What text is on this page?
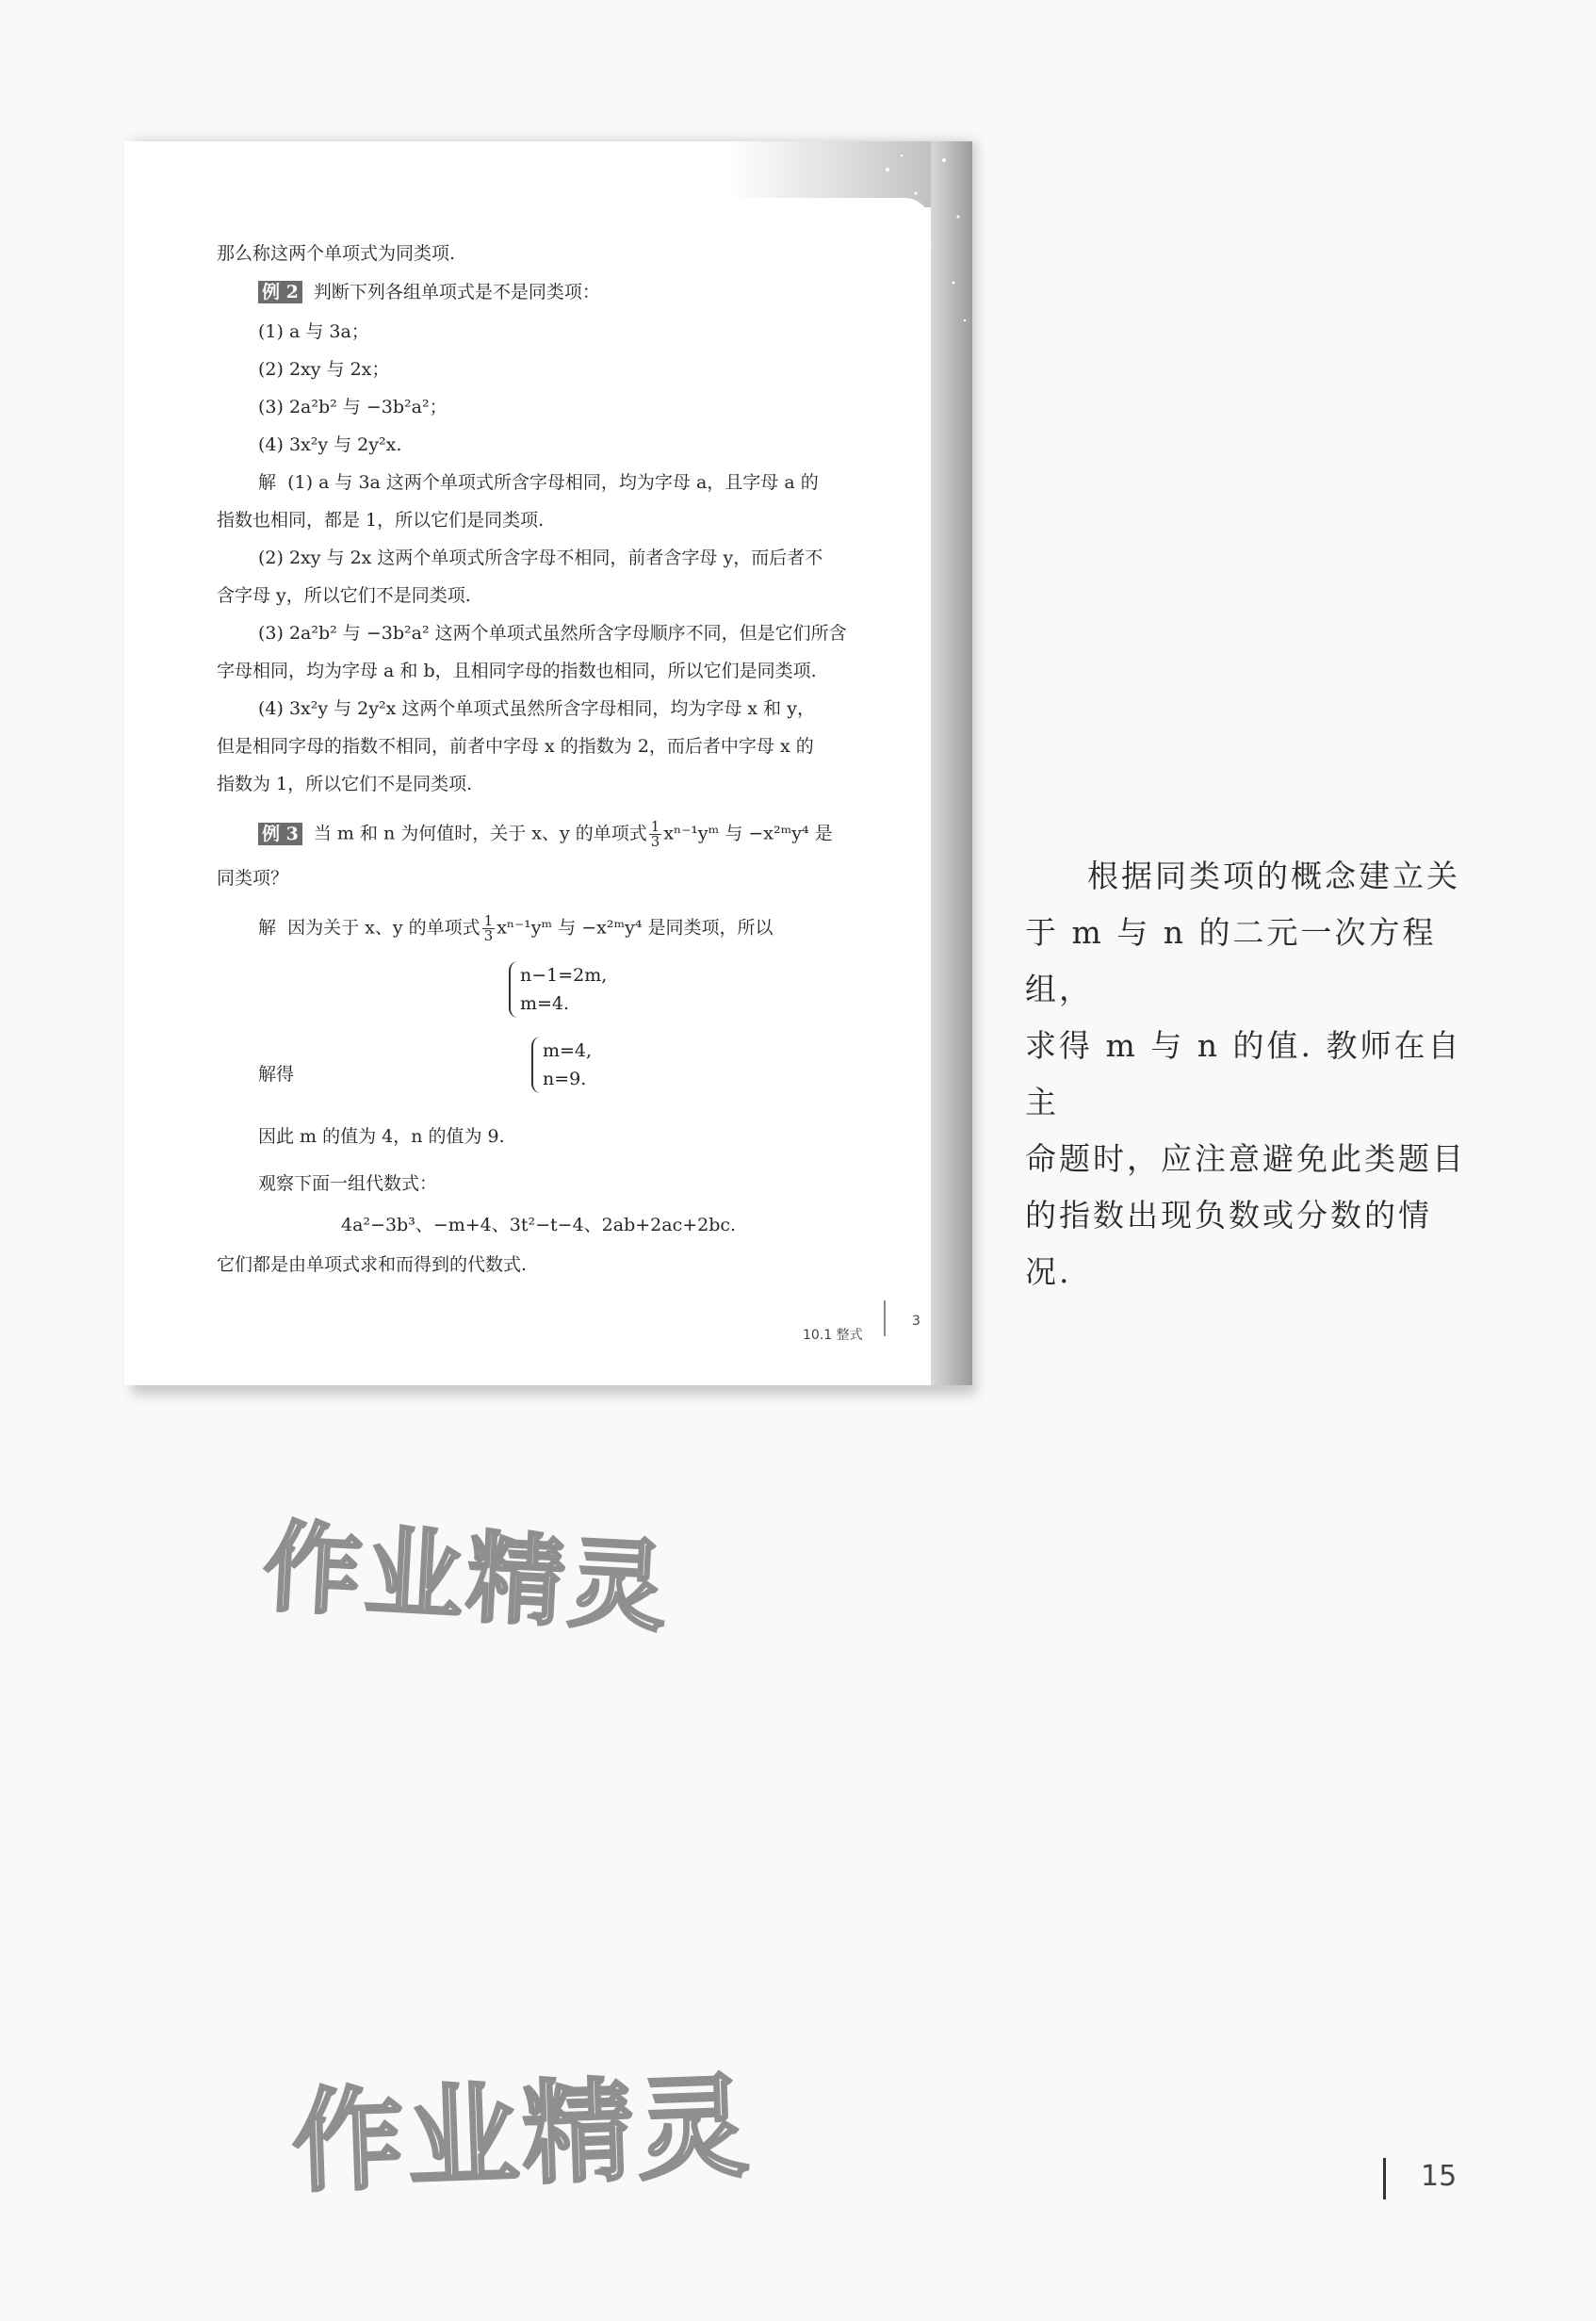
那么称这两个单项式为同类项.
例 2 判断下列各组单项式是不是同类项：
(1) a 与 3a；
(2) 2xy 与 2x；
(3) 2a²b² 与 −3b²a²；
(4) 3x²y 与 2y²x.
解 (1) a 与 3a 这两个单项式所含字母相同，均为字母 a，且字母 a 的
指数也相同，都是 1，所以它们是同类项.
(2) 2xy 与 2x 这两个单项式所含字母不相同，前者含字母 y，而后者不
含字母 y，所以它们不是同类项.
(3) 2a²b² 与 −3b²a² 这两个单项式虽然所含字母顺序不同，但是它们所含
字母相同，均为字母 a 和 b，且相同字母的指数也相同，所以它们是同类项.
(4) 3x²y 与 2y²x 这两个单项式虽然所含字母相同，均为字母 x 和 y，
但是相同字母的指数不相同，前者中字母 x 的指数为 2，而后者中字母 x 的
指数为 1，所以它们不是同类项.
例 3 当 m 和 n 为何值时，关于 x、y 的单项式 $\frac{1}{3}$ xⁿ⁻¹yᵐ 与 −x²ᵐy⁴ 是
同类项？
解 因为关于 x、y 的单项式 $\frac{1}{3}$ xⁿ⁻¹yᵐ 与 −x²ᵐy⁴ 是同类项，所以
n−1=2m,
m=4.
解得
m=4,
n=9.
因此 m 的值为 4，n 的值为 9.
观察下面一组代数式：
4a²−3b³、−m+4、3t²−t−4、2ab+2ac+2bc.
它们都是由单项式求和而得到的代数式.
10.1 整式
3
根据同类项的概念建立关
于 m 与 n 的二元一次方程组，
求得 m 与 n 的值. 教师在自主
命题时，应注意避免此类题目
的指数出现负数或分数的情
况.
作业精灵
作业精灵	15
